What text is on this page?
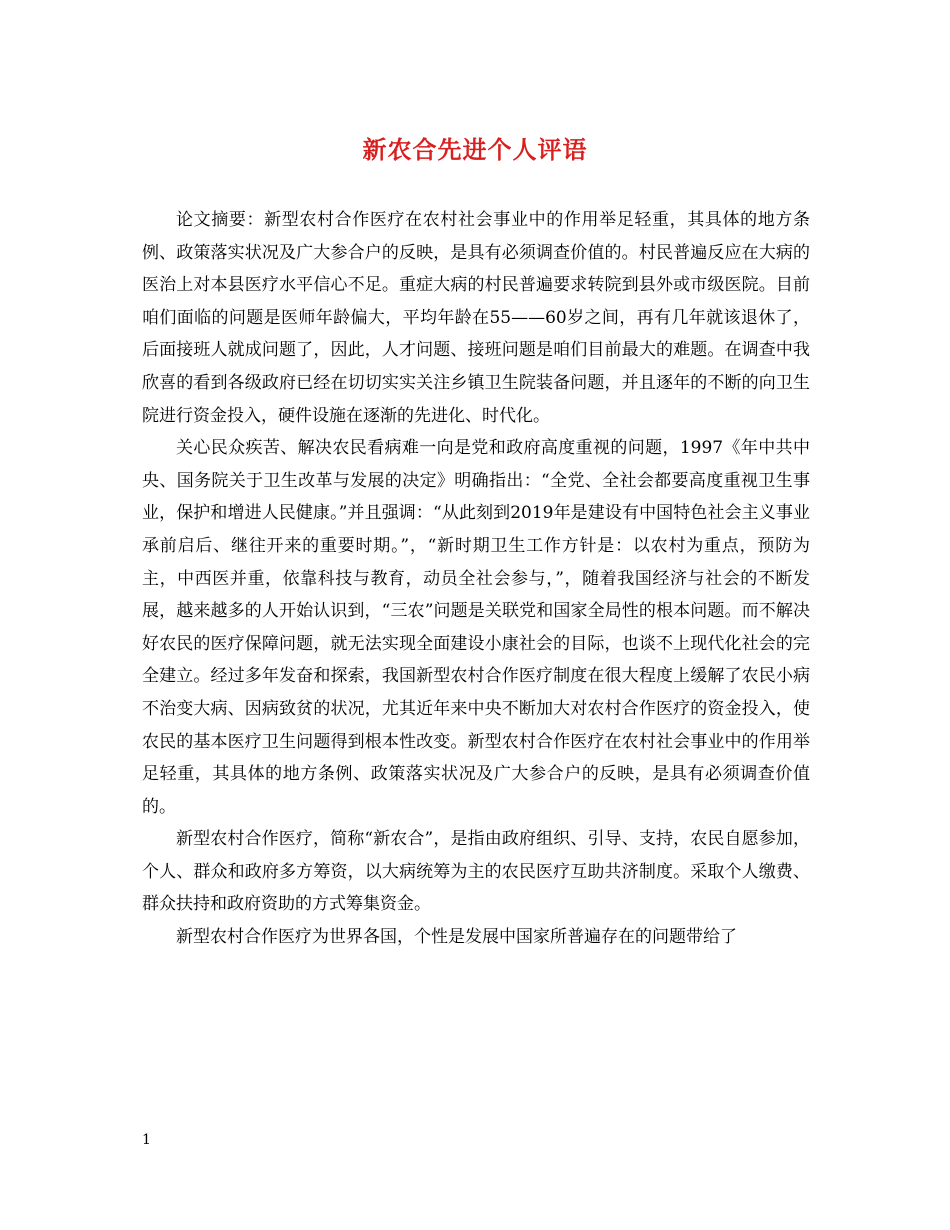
新农合先进个人评语

论文摘要：新型农村合作医疗在农村社会事业中的作用举足轻重，其具体的地方条例、政策落实状况及广大参合户的反映，是具有必须调查价值的。村民普遍反应在大病的医治上对本县医疗水平信心不足。重症大病的村民普遍要求转院到县外或市级医院。目前咱们面临的问题是医师年龄偏大，平均年龄在55——60岁之间，再有几年就该退休了，后面接班人就成问题了，因此，人才问题、接班问题是咱们目前最大的难题。在调查中我欣喜的看到各级政府已经在切切实实关注乡镇卫生院装备问题，并且逐年的不断的向卫生院进行资金投入，硬件设施在逐渐的先进化、时代化。

关心民众疾苦、解决农民看病难一向是党和政府高度重视的问题，1997《年中共中央、国务院关于卫生改革与发展的决定》明确指出：“全党、全社会都要高度重视卫生事业，保护和增进人民健康。”并且强调：“从此刻到2019年是建设有中国特色社会主义事业承前启后、继往开来的重要时期。”，“新时期卫生工作方针是：以农村为重点，预防为主，中西医并重，依靠科技与教育，动员全社会参与，”，随着我国经济与社会的不断发展，越来越多的人开始认识到，“三农”问题是关联党和国家全局性的根本问题。而不解决好农民的医疗保障问题，就无法实现全面建设小康社会的目际，也谈不上现代化社会的完全建立。经过多年发奋和探索，我国新型农村合作医疗制度在很大程度上缓解了农民小病不治变大病、因病致贫的状况，尤其近年来中央不断加大对农村合作医疗的资金投入，使农民的基本医疗卫生问题得到根本性改变。新型农村合作医疗在农村社会事业中的作用举足轻重，其具体的地方条例、政策落实状况及广大参合户的反映，是具有必须调查价值的。

新型农村合作医疗，简称“新农合”，是指由政府组织、引导、支持，农民自愿参加，个人、群众和政府多方筹资，以大病统筹为主的农民医疗互助共济制度。采取个人缴费、群众扶持和政府资助的方式筹集资金。

新型农村合作医疗为世界各国，个性是发展中国家所普遍存在的问题带给了

1
